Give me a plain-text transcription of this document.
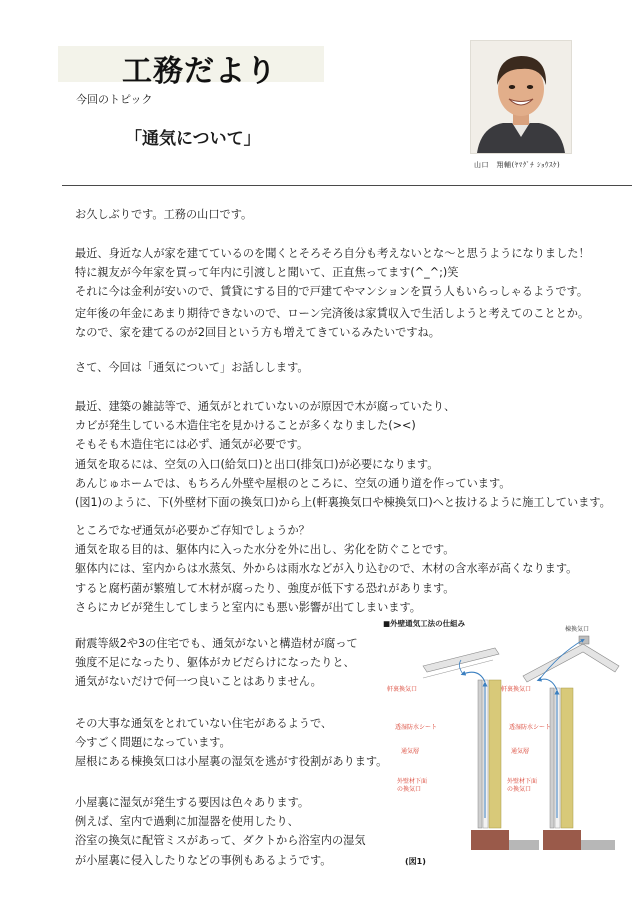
工務だより
今回のトピック
「通気について」
山口　翔輔(ﾔﾏｸﾞﾁ ｼｮｳｽｹ)
お久しぶりです。工務の山口です。
最近、身近な人が家を建てているのを聞くとそろそろ自分も考えないとな～と思うようになりました！
特に親友が今年家を買って年内に引渡しと聞いて、正直焦ってます(^_^;)笑
それに今は金利が安いので、賃貸にする目的で戸建てやマンションを買う人もいらっしゃるようです。
定年後の年金にあまり期待できないので、ローン完済後は家賃収入で生活しようと考えてのこととか。
なので、家を建てるのが2回目という方も増えてきているみたいですね。
さて、今回は「通気について」お話しします。
最近、建築の雑誌等で、通気がとれていないのが原因で木が腐っていたり、
カビが発生している木造住宅を見かけることが多くなりました(><)
そもそも木造住宅には必ず、通気が必要です。
通気を取るには、空気の入口(給気口)と出口(排気口)が必要になります。
あんじゅホームでは、もちろん外壁や屋根のところに、空気の通り道を作っています。
(図1)のように、下(外壁材下面の換気口)から上(軒裏換気口や棟換気口)へと抜けるように施工しています。
ところでなぜ通気が必要かご存知でしょうか？
通気を取る目的は、躯体内に入った水分を外に出し、劣化を防ぐことです。
躯体内には、室内からは水蒸気、外からは雨水などが入り込むので、木材の含水率が高くなります。
すると腐朽菌が繁殖して木材が腐ったり、強度が低下する恐れがあります。
さらにカビが発生してしまうと室内にも悪い影響が出てしまいます。
耐震等級2や3の住宅でも、通気がないと構造材が腐って
強度不足になったり、躯体がカビだらけになったりと、
通気がないだけで何一つ良いことはありません。
その大事な通気をとれていない住宅があるようで、
今すごく問題になっています。
屋根にある棟換気口は小屋裏の湿気を逃がす役割があります。
小屋裏に湿気が発生する要因は色々あります。
例えば、室内で過剰に加湿器を使用したり、
浴室の換気に配管ミスがあって、ダクトから浴室内の湿気
が小屋裏に侵入したりなどの事例もあるようです。
■外壁通気工法の仕組み
棟換気口
軒裏換気口	軒裏換気口
透湿防水シート	透湿防水シート
通気層	通気層
外壁材下面
の換気口
外壁材下面
の換気口
(図1)
